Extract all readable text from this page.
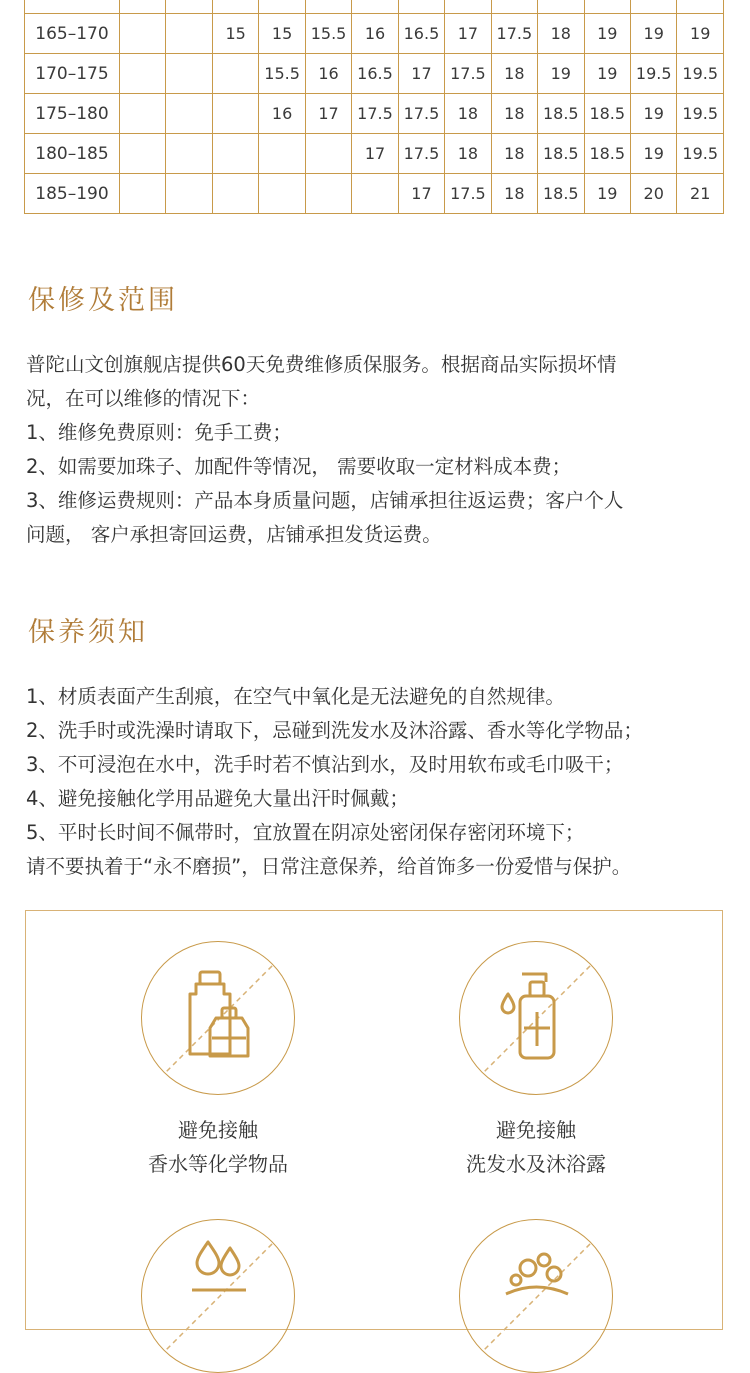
165–170			15	15	15.5	16	16.5	17	17.5	18	19	19	19
170–175				15.5	16	16.5	17	17.5	18	19	19	19.5	19.5
175–180				16	17	17.5	17.5	18	18	18.5	18.5	19	19.5
180–185						17	17.5	18	18	18.5	18.5	19	19.5
185–190							17	17.5	18	18.5	19	20	21
保修及范围
普陀山文创旗舰店提供60天免费维修质保服务。根据商品实际损坏情
况，在可以维修的情况下：
1、维修免费原则：免手工费；
2、如需要加珠子、加配件等情况， 需要收取一定材料成本费；
3、维修运费规则：产品本身质量问题，店铺承担往返运费；客户个人
问题， 客户承担寄回运费，店铺承担发货运费。
保养须知
1、材质表面产生刮痕，在空气中氧化是无法避免的自然规律。
2、洗手时或洗澡时请取下，忌碰到洗发水及沐浴露、香水等化学物品；
3、不可浸泡在水中，洗手时若不慎沾到水，及时用软布或毛巾吸干；
4、避免接触化学用品避免大量出汗时佩戴；
5、平时长时间不佩带时，宜放置在阴凉处密闭保存密闭环境下；
请不要执着于“永不磨损”，日常注意保养，给首饰多一份爱惜与保护。
避免接触
香水等化学物品
避免接触
洗发水及沐浴露
